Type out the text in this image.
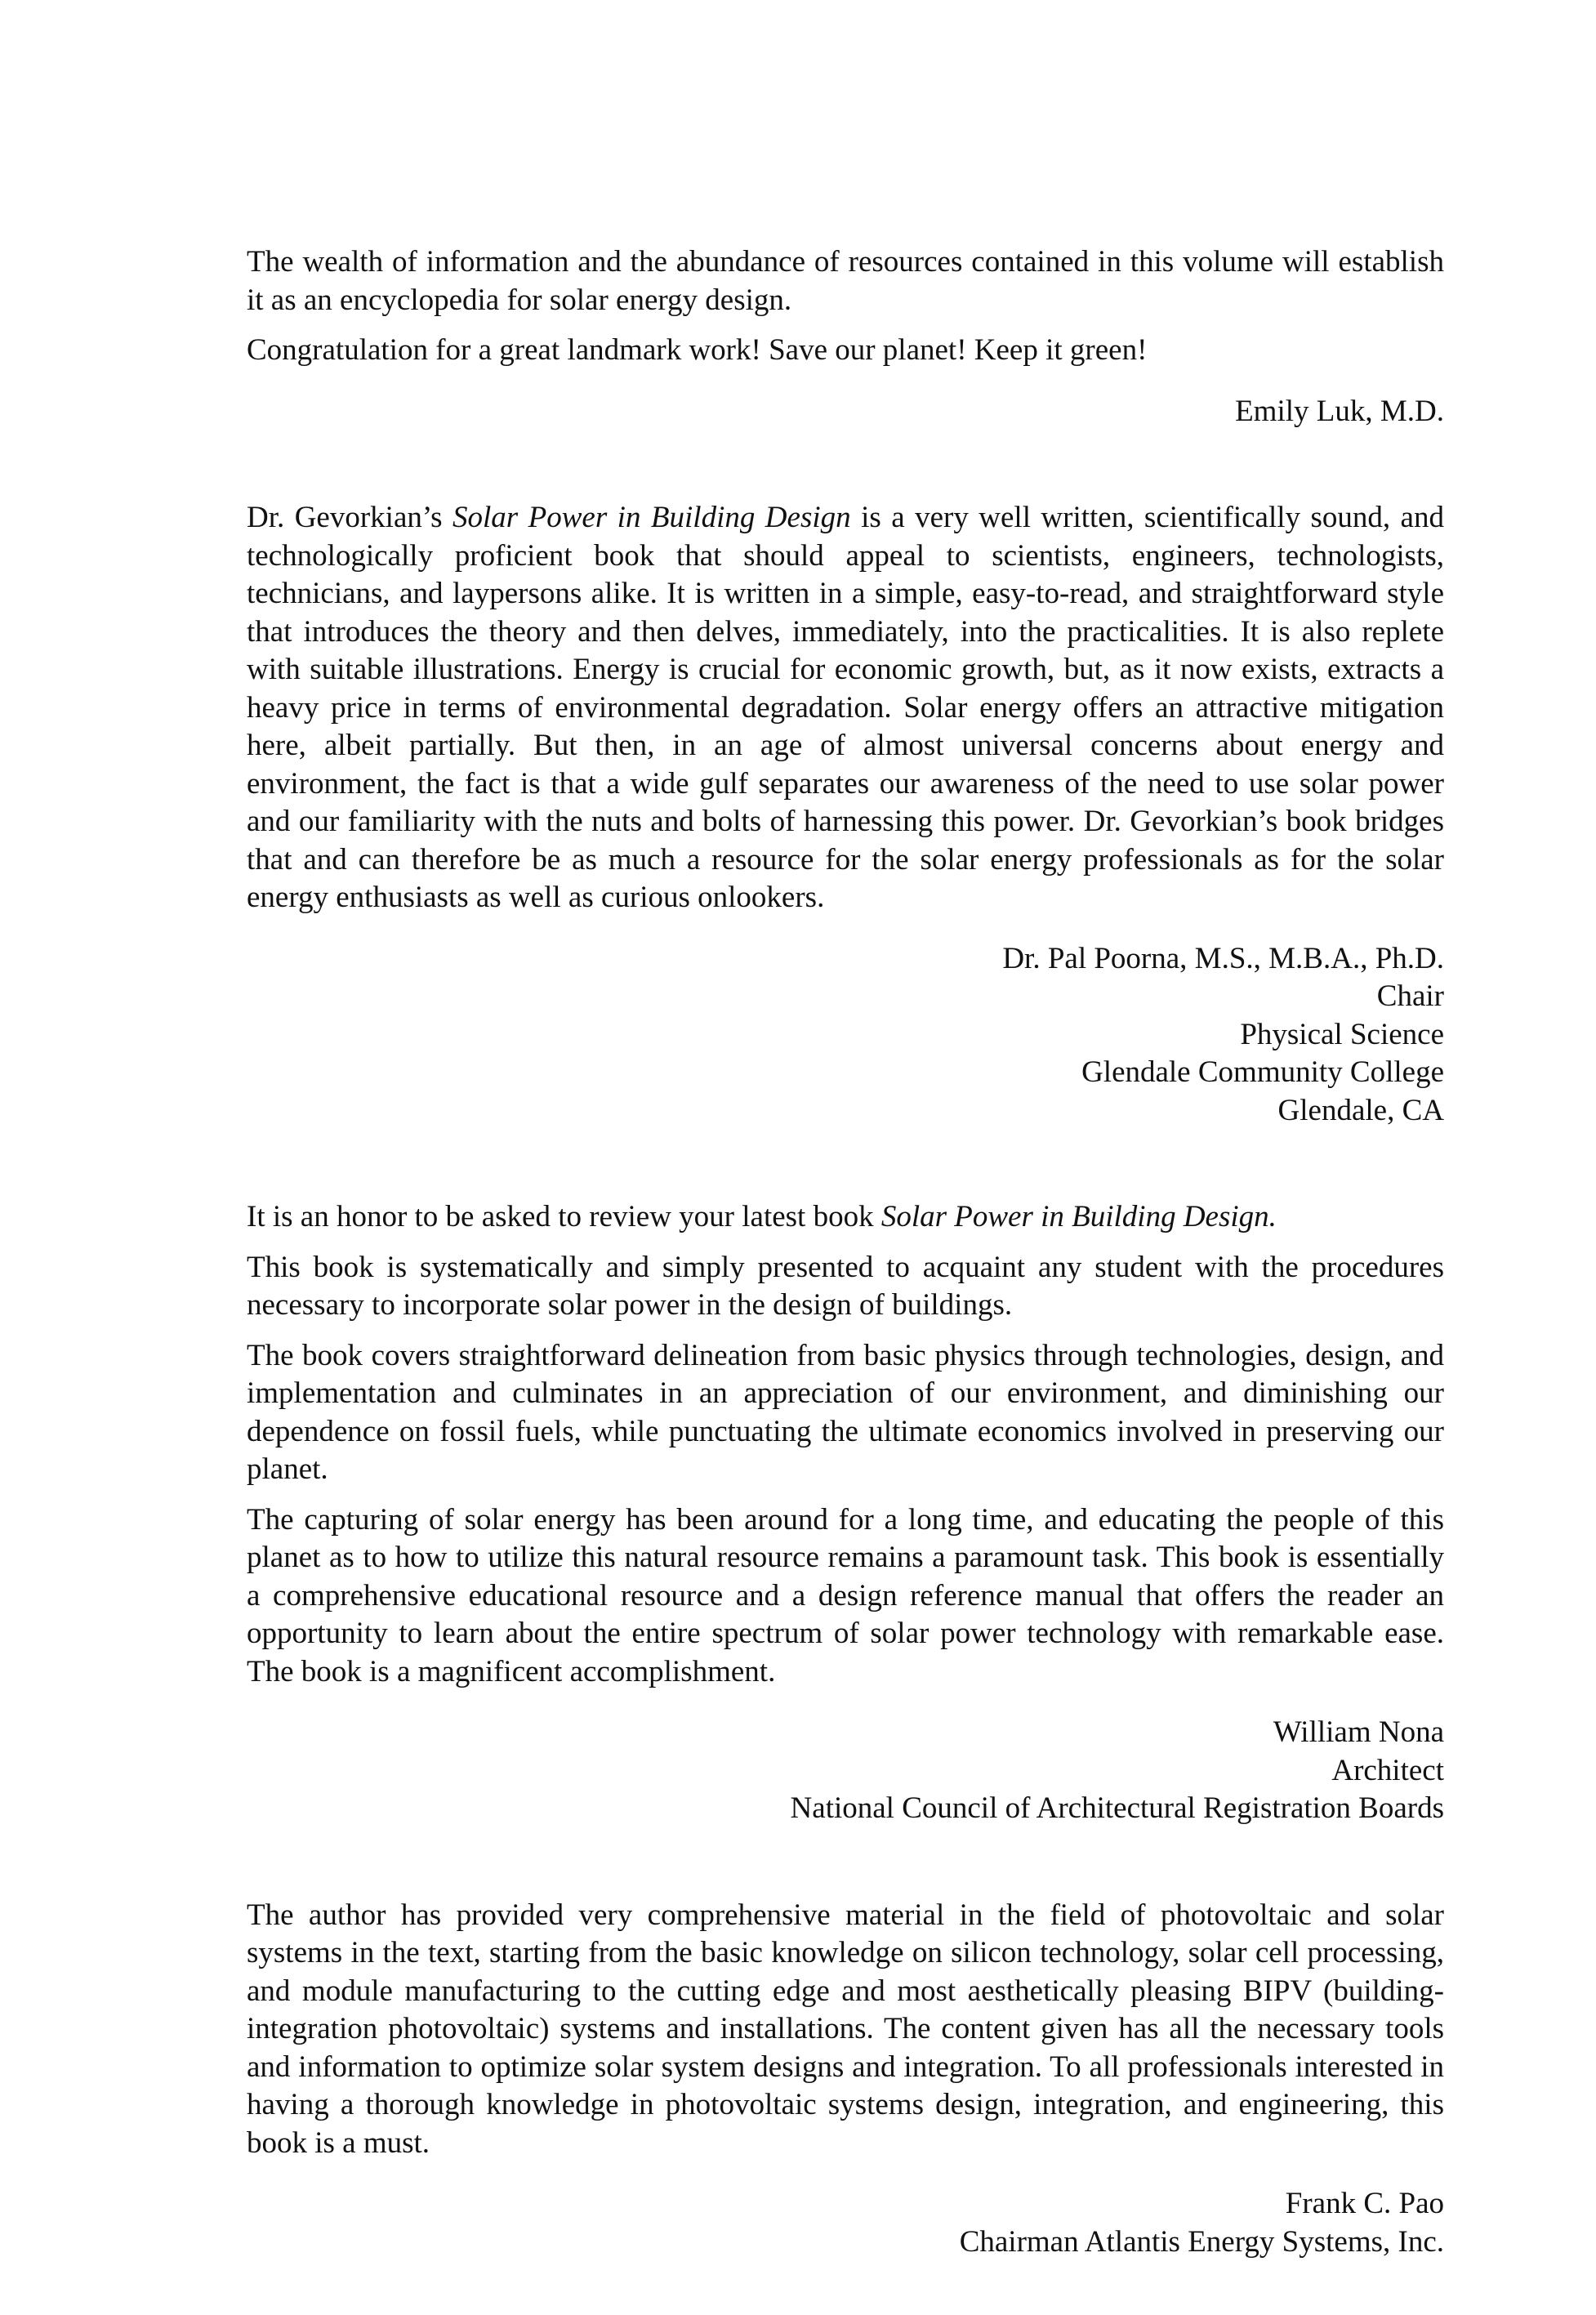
The wealth of information and the abundance of resources contained in this volume will establish it as an encyclopedia for solar energy design.

Congratulation for a great landmark work! Save our planet! Keep it green!

Emily Luk, M.D.

Dr. Gevorkian’s Solar Power in Building Design is a very well written, scientifically sound, and technologically proficient book that should appeal to scientists, engineers, technologists, technicians, and laypersons alike. It is written in a simple, easy-to-read, and straightforward style that introduces the theory and then delves, immediately, into the practicalities. It is also replete with suitable illustrations. Energy is crucial for economic growth, but, as it now exists, extracts a heavy price in terms of environmental degradation. Solar energy offers an attractive mitigation here, albeit partially. But then, in an age of almost universal concerns about energy and environment, the fact is that a wide gulf separates our awareness of the need to use solar power and our familiarity with the nuts and bolts of harnessing this power. Dr. Gevorkian’s book bridges that and can therefore be as much a resource for the solar energy professionals as for the solar energy enthusiasts as well as curious onlookers.

Dr. Pal Poorna, M.S., M.B.A., Ph.D.
Chair
Physical Science
Glendale Community College
Glendale, CA

It is an honor to be asked to review your latest book Solar Power in Building Design.

This book is systematically and simply presented to acquaint any student with the procedures necessary to incorporate solar power in the design of buildings.

The book covers straightforward delineation from basic physics through technologies, design, and implementation and culminates in an appreciation of our environment, and diminishing our dependence on fossil fuels, while punctuating the ultimate economics involved in preserving our planet.

The capturing of solar energy has been around for a long time, and educating the people of this planet as to how to utilize this natural resource remains a paramount task. This book is essentially a comprehensive educational resource and a design reference manual that offers the reader an opportunity to learn about the entire spectrum of solar power technology with remarkable ease. The book is a magnificent accomplishment.

William Nona
Architect
National Council of Architectural Registration Boards

The author has provided very comprehensive material in the field of photovoltaic and solar systems in the text, starting from the basic knowledge on silicon technology, solar cell processing, and module manufacturing to the cutting edge and most aesthetically pleasing BIPV (building-integration photovoltaic) systems and installations. The content given has all the necessary tools and information to optimize solar system designs and integration. To all professionals interested in having a thorough knowledge in photovoltaic systems design, integration, and engineering, this book is a must.

Frank C. Pao
Chairman Atlantis Energy Systems, Inc.
